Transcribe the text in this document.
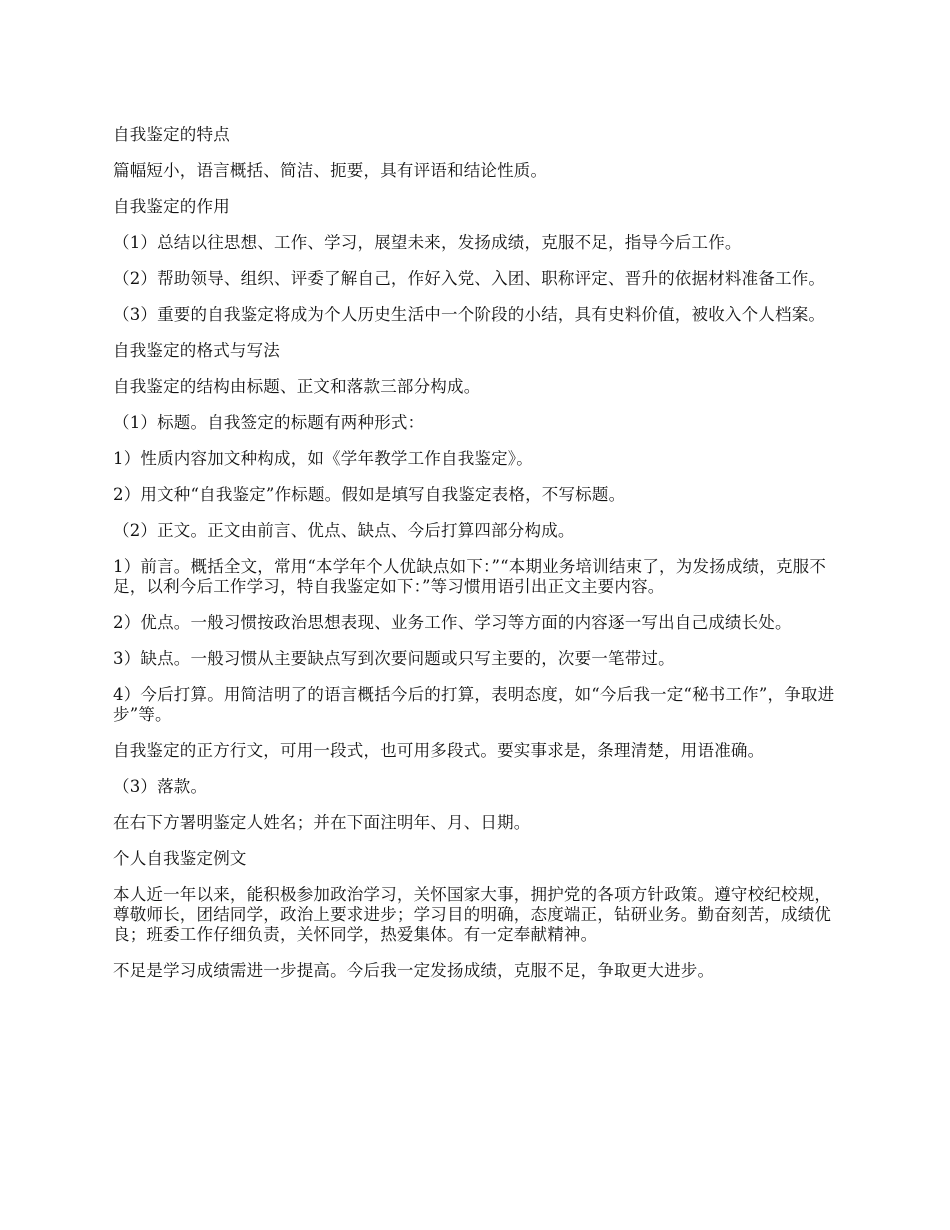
自我鉴定的特点

篇幅短小，语言概括、简洁、扼要，具有评语和结论性质。

自我鉴定的作用

（1）总结以往思想、工作、学习，展望未来，发扬成绩，克服不足，指导今后工作。

（2）帮助领导、组织、评委了解自己，作好入党、入团、职称评定、晋升的依据材料准备工作。

（3）重要的自我鉴定将成为个人历史生活中一个阶段的小结，具有史料价值，被收入个人档案。

自我鉴定的格式与写法

自我鉴定的结构由标题、正文和落款三部分构成。

（1）标题。自我签定的标题有两种形式：

1）性质内容加文种构成，如《学年教学工作自我鉴定》。

2）用文种“自我鉴定”作标题。假如是填写自我鉴定表格，不写标题。

（2）正文。正文由前言、优点、缺点、今后打算四部分构成。

1）前言。概括全文，常用“本学年个人优缺点如下：”“本期业务培训结束了，为发扬成绩，克服不足，以利今后工作学习，特自我鉴定如下：”等习惯用语引出正文主要内容。

2）优点。一般习惯按政治思想表现、业务工作、学习等方面的内容逐一写出自己成绩长处。

3）缺点。一般习惯从主要缺点写到次要问题或只写主要的，次要一笔带过。

4）今后打算。用简洁明了的语言概括今后的打算，表明态度，如“今后我一定“秘书工作”，争取进步”等。

自我鉴定的正方行文，可用一段式，也可用多段式。要实事求是，条理清楚，用语准确。

（3）落款。

在右下方署明鉴定人姓名；并在下面注明年、月、日期。

个人自我鉴定例文

本人近一年以来，能积极参加政治学习，关怀国家大事，拥护党的各项方针政策。遵守校纪校规，尊敬师长，团结同学，政治上要求进步；学习目的明确，态度端正，钻研业务。勤奋刻苦，成绩优良；班委工作仔细负责，关怀同学，热爱集体。有一定奉献精神。

不足是学习成绩需进一步提高。今后我一定发扬成绩，克服不足，争取更大进步。
